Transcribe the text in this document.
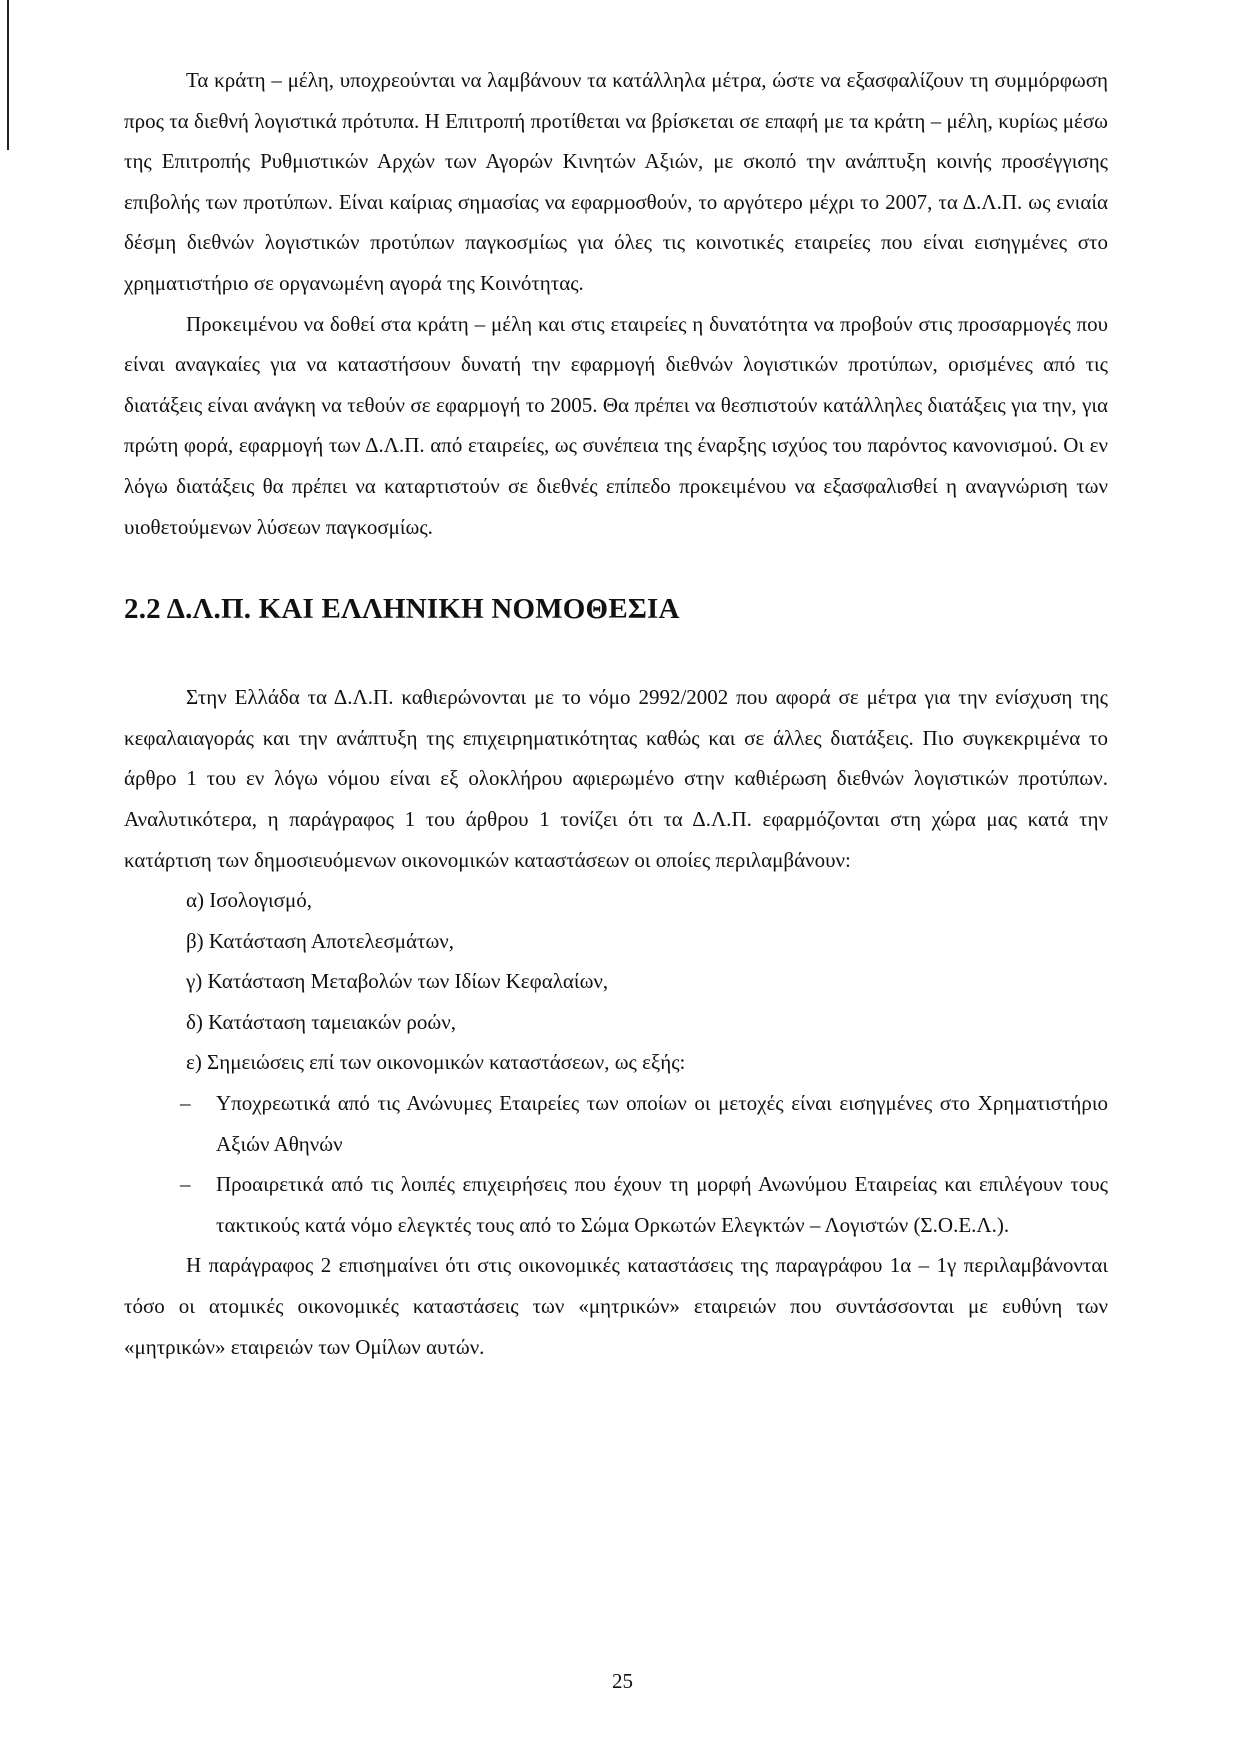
Τα κράτη – μέλη, υποχρεούνται να λαμβάνουν τα κατάλληλα μέτρα, ώστε να εξασφαλίζουν τη συμμόρφωση προς τα διεθνή λογιστικά πρότυπα. Η Επιτροπή προτίθεται να βρίσκεται σε επαφή με τα κράτη – μέλη, κυρίως μέσω της Επιτροπής Ρυθμιστικών Αρχών των Αγορών Κινητών Αξιών, με σκοπό την ανάπτυξη κοινής προσέγγισης επιβολής των προτύπων. Είναι καίριας σημασίας να εφαρμοσθούν, το αργότερο μέχρι το 2007, τα Δ.Λ.Π. ως ενιαία δέσμη διεθνών λογιστικών προτύπων παγκοσμίως για όλες τις κοινοτικές εταιρείες που είναι εισηγμένες στο χρηματιστήριο σε οργανωμένη αγορά της Κοινότητας.

Προκειμένου να δοθεί στα κράτη – μέλη και στις εταιρείες η δυνατότητα να προβούν στις προσαρμογές που είναι αναγκαίες για να καταστήσουν δυνατή την εφαρμογή διεθνών λογιστικών προτύπων, ορισμένες από τις διατάξεις είναι ανάγκη να τεθούν σε εφαρμογή το 2005. Θα πρέπει να θεσπιστούν κατάλληλες διατάξεις για την, για πρώτη φορά, εφαρμογή των Δ.Λ.Π. από εταιρείες, ως συνέπεια της έναρξης ισχύος του παρόντος κανονισμού. Οι εν λόγω διατάξεις θα πρέπει να καταρτιστούν σε διεθνές επίπεδο προκειμένου να εξασφαλισθεί η αναγνώριση των υιοθετούμενων λύσεων παγκοσμίως.

2.2 Δ.Λ.Π. ΚΑΙ ΕΛΛΗΝΙΚΗ ΝΟΜΟΘΕΣΙΑ

Στην Ελλάδα τα Δ.Λ.Π. καθιερώνονται με το νόμο 2992/2002 που αφορά σε μέτρα για την ενίσχυση της κεφαλαιαγοράς και την ανάπτυξη της επιχειρηματικότητας καθώς και σε άλλες διατάξεις. Πιο συγκεκριμένα το άρθρο 1 του εν λόγω νόμου είναι εξ ολοκλήρου αφιερωμένο στην καθιέρωση διεθνών λογιστικών προτύπων. Αναλυτικότερα, η παράγραφος 1 του άρθρου 1 τονίζει ότι τα Δ.Λ.Π. εφαρμόζονται στη χώρα μας κατά την κατάρτιση των δημοσιευόμενων οικονομικών καταστάσεων οι οποίες περιλαμβάνουν:

α) Ισολογισμό,
β) Κατάσταση Αποτελεσμάτων,
γ) Κατάσταση Μεταβολών των Ιδίων Κεφαλαίων,
δ) Κατάσταση ταμειακών ροών,
ε) Σημειώσεις επί των οικονομικών καταστάσεων, ως εξής:
– Υποχρεωτικά από τις Ανώνυμες Εταιρείες των οποίων οι μετοχές είναι εισηγμένες στο Χρηματιστήριο Αξιών Αθηνών
– Προαιρετικά από τις λοιπές επιχειρήσεις που έχουν τη μορφή Ανωνύμου Εταιρείας και επιλέγουν τους τακτικούς κατά νόμο ελεγκτές τους από το Σώμα Ορκωτών Ελεγκτών – Λογιστών (Σ.Ο.Ε.Λ.).

Η παράγραφος 2 επισημαίνει ότι στις οικονομικές καταστάσεις της παραγράφου 1α – 1γ περιλαμβάνονται τόσο οι ατομικές οικονομικές καταστάσεις των «μητρικών» εταιρειών που συντάσσονται με ευθύνη των «μητρικών» εταιρειών των Ομίλων αυτών.

25
